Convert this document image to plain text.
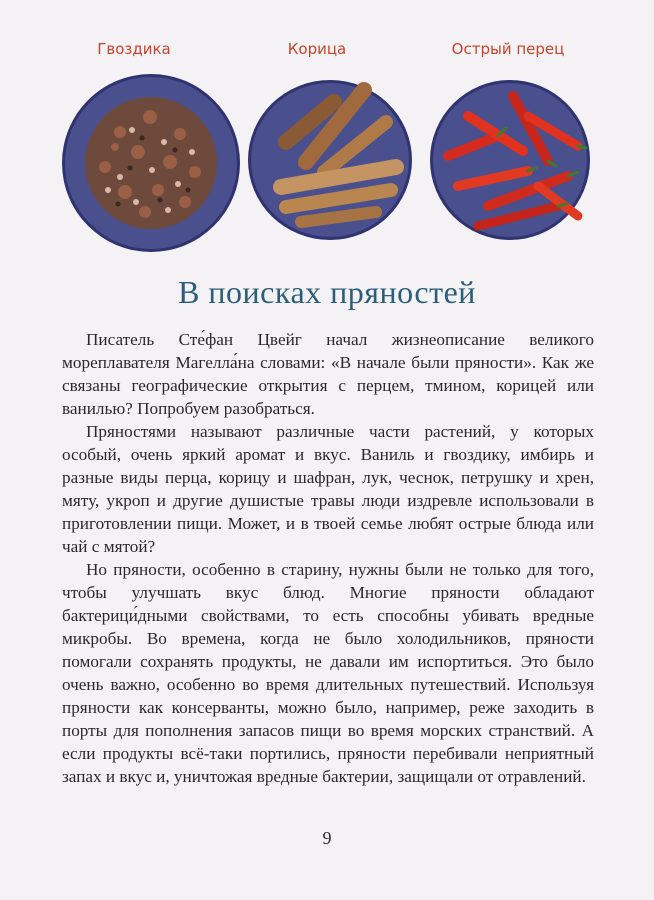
Гвоздика	Корица	Острый перец
В поисках пряностей

Писатель Сте́фан Цвейг начал жизнеописание великого мореплавателя Магелла́на словами: «В начале были пряности». Как же связаны географические открытия с перцем, тмином, корицей или ванилью? Попробуем разобраться.

Пряностями называют различные части растений, у которых особый, очень яркий аромат и вкус. Ваниль и гвоздику, имбирь и разные виды перца, корицу и шафран, лук, чеснок, петрушку и хрен, мяту, укроп и другие душистые травы люди издревле использовали в приготовлении пищи. Может, и в твоей семье любят острые блюда или чай с мятой?

Но пряности, особенно в старину, нужны были не только для того, чтобы улучшать вкус блюд. Многие пряности обладают бактерици́дными свойствами, то есть способны убивать вредные микробы. Во времена, когда не было холодильников, пряности помогали сохранять продукты, не давали им испортиться. Это было очень важно, особенно во время длительных путешествий. Используя пряности как консерванты, можно было, например, реже заходить в порты для пополнения запасов пищи во время морских странствий. А если продукты всё-таки портились, пряности перебивали неприятный запах и вкус и, уничтожая вредные бактерии, защищали от отравлений.

9
